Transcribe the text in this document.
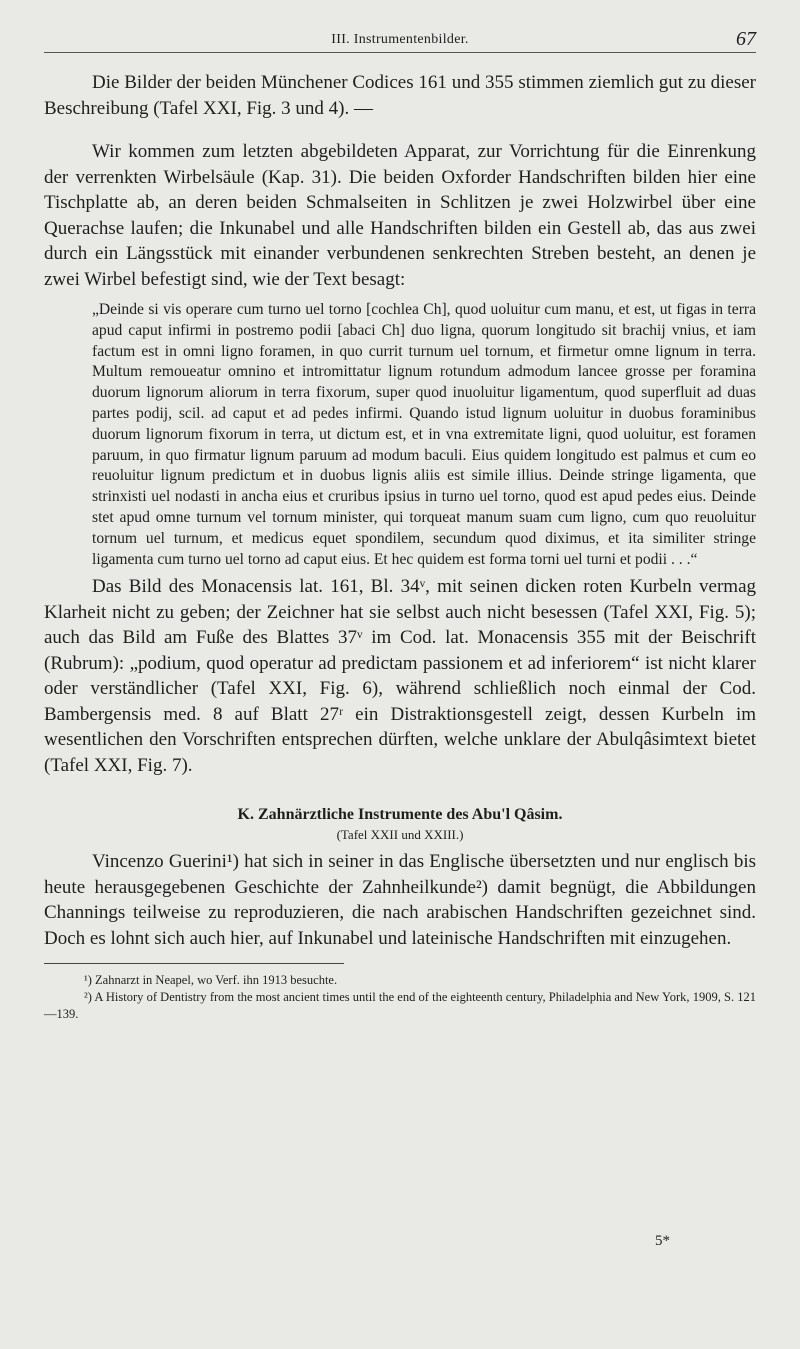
III. Instrumentenbilder.	67

Die Bilder der beiden Münchener Codices 161 und 355 stimmen ziemlich gut zu dieser Beschreibung (Tafel XXI, Fig. 3 und 4). —

Wir kommen zum letzten abgebildeten Apparat, zur Vorrichtung für die Einrenkung der verrenkten Wirbelsäule (Kap. 31). Die beiden Oxforder Handschriften bilden hier eine Tischplatte ab, an deren beiden Schmalseiten in Schlitzen je zwei Holzwirbel über eine Querachse laufen; die Inkunabel und alle Handschriften bilden ein Gestell ab, das aus zwei durch ein Längsstück mit einander verbundenen senkrechten Streben besteht, an denen je zwei Wirbel befestigt sind, wie der Text besagt:

„Deinde si vis operare cum turno uel torno [cochlea Ch], quod uoluitur cum manu, et est, ut figas in terra apud caput infirmi in postremo podii [abaci Ch] duo ligna, quorum longitudo sit brachij vnius, et iam factum est in omni ligno foramen, in quo currit turnum uel tornum, et firmetur omne lignum in terra. Multum remoueatur omnino et intromittatur lignum rotundum admodum lancee grosse per foramina duorum lignorum aliorum in terra fixorum, super quod inuoluitur ligamentum, quod superfluit ad duas partes podij, scil. ad caput et ad pedes infirmi. Quando istud lignum uoluitur in duobus foraminibus duorum lignorum fixorum in terra, ut dictum est, et in vna extremitate ligni, quod uoluitur, est foramen paruum, in quo firmatur lignum paruum ad modum baculi. Eius quidem longitudo est palmus et cum eo reuoluitur lignum predictum et in duobus lignis aliis est simile illius. Deinde stringe ligamenta, que strinxisti uel nodasti in ancha eius et cruribus ipsius in turno uel torno, quod est apud pedes eius. Deinde stet apud omne turnum vel tornum minister, qui torqueat manum suam cum ligno, cum quo reuoluitur tornum uel turnum, et medicus equet spondilem, secundum quod diximus, et ita similiter stringe ligamenta cum turno uel torno ad caput eius. Et hec quidem est forma torni uel turni et podii . . .“

Das Bild des Monacensis lat. 161, Bl. 34ᵛ, mit seinen dicken roten Kurbeln vermag Klarheit nicht zu geben; der Zeichner hat sie selbst auch nicht besessen (Tafel XXI, Fig. 5); auch das Bild am Fuße des Blattes 37ᵛ im Cod. lat. Monacensis 355 mit der Beischrift (Rubrum): „podium, quod operatur ad predictam passionem et ad inferiorem“ ist nicht klarer oder verständlicher (Tafel XXI, Fig. 6), während schließlich noch einmal der Cod. Bambergensis med. 8 auf Blatt 27ʳ ein Distraktionsgestell zeigt, dessen Kurbeln im wesentlichen den Vorschriften entsprechen dürften, welche unklare der Abulqâsimtext bietet (Tafel XXI, Fig. 7).

K. Zahnärztliche Instrumente des Abu'l Qâsim.
(Tafel XXII und XXIII.)

Vincenzo Guerini¹) hat sich in seiner in das Englische übersetzten und nur englisch bis heute herausgegebenen Geschichte der Zahnheilkunde²) damit begnügt, die Abbildungen Channings teilweise zu reproduzieren, die nach arabischen Handschriften gezeichnet sind. Doch es lohnt sich auch hier, auf Inkunabel und lateinische Handschriften mit einzugehen.

¹) Zahnarzt in Neapel, wo Verf. ihn 1913 besuchte.

²) A History of Dentistry from the most ancient times until the end of the eighteenth century, Philadelphia and New York, 1909, S. 121—139.

5*
